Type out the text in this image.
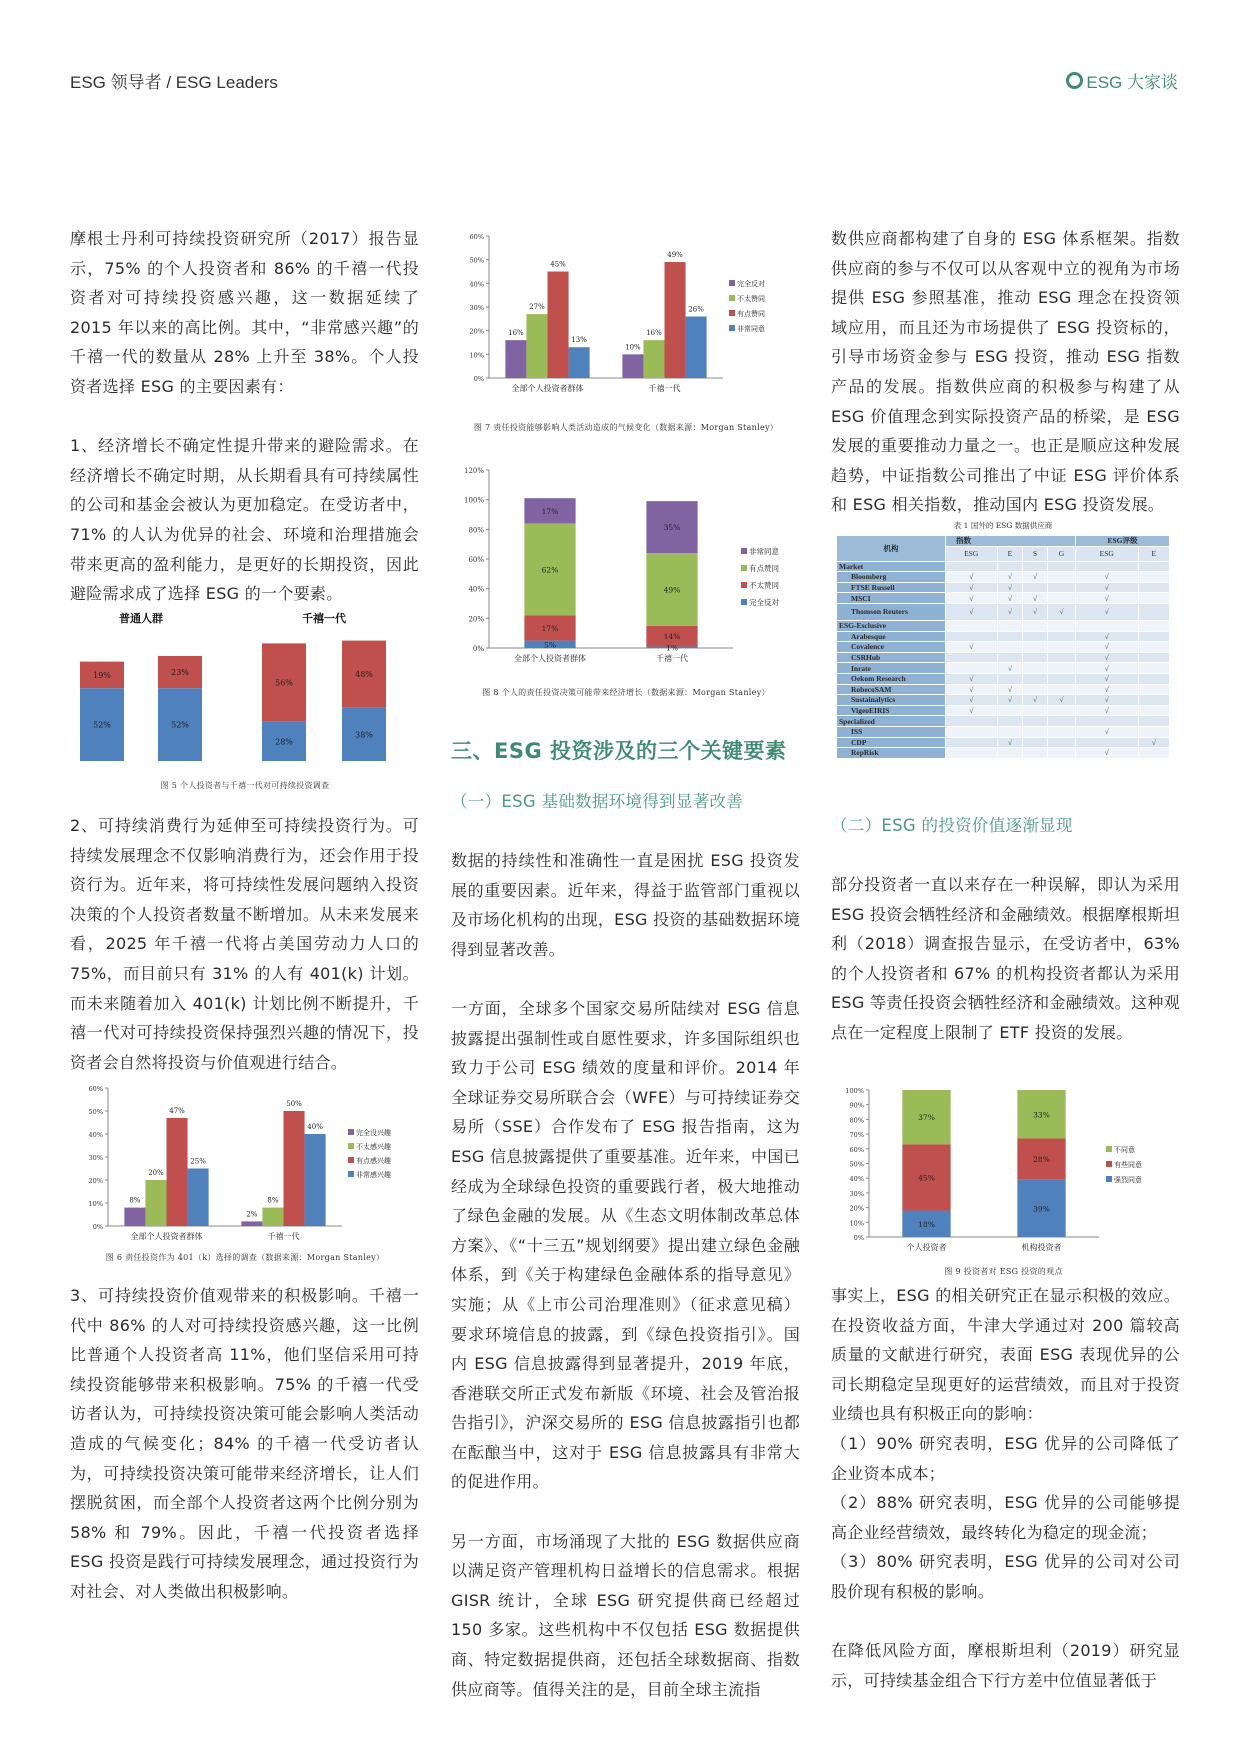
ESG 领导者 / ESG Leaders	ESG 大家谈

摩根士丹利可持续投资研究所（2017）报告显示，75% 的个人投资者和 86% 的千禧一代投资者对可持续投资感兴趣，这一数据延续了 2015 年以来的高比例。其中，“非常感兴趣”的千禧一代的数量从 28% 上升至 38%。个人投资者选择 ESG 的主要因素有：

1、经济增长不确定性提升带来的避险需求。在经济增长不确定时期，从长期看具有可持续属性的公司和基金会被认为更加稳定。在受访者中，71% 的人认为优异的社会、环境和治理措施会带来更高的盈利能力，是更好的长期投资，因此避险需求成了选择 ESG 的一个要素。

普通人群	千禧一代
52%
19%
52%
23%
28%
56%
38%
48%
图 5 个人投资者与千禧一代对可持续投资调查

2、可持续消费行为延伸至可持续投资行为。可持续发展理念不仅影响消费行为，还会作用于投资行为。近年来，将可持续性发展问题纳入投资决策的个人投资者数量不断增加。从未来发展来看，2025 年千禧一代将占美国劳动力人口的 75%，而目前只有 31% 的人有 401(k) 计划。而未来随着加入 401(k) 计划比例不断提升，千禧一代对可持续投资保持强烈兴趣的情况下，投资者会自然将投资与价值观进行结合。

0%
10%
20%
30%
40%
50%
60%
全部个人投资者群体	千禧一代
8%
20%
47%
25%
2%
8%
50%
40%
完全没兴趣
不太感兴趣
有点感兴趣
非常感兴趣
图 6 责任投资作为 401（k）选择的调查（数据来源：Morgan Stanley）

3、可持续投资价值观带来的积极影响。千禧一代中 86% 的人对可持续投资感兴趣，这一比例比普通个人投资者高 11%，他们坚信采用可持续投资能够带来积极影响。75% 的千禧一代受访者认为，可持续投资决策可能会影响人类活动造成的气候变化；84% 的千禧一代受访者认为，可持续投资决策可能带来经济增长，让人们摆脱贫困，而全部个人投资者这两个比例分别为 58% 和 79%。因此，千禧一代投资者选择 ESG 投资是践行可持续发展理念，通过投资行为对社会、对人类做出积极影响。

0%
10%
20%
30%
40%
50%
60%
全部个人投资者群体	千禧一代
16%
27%
45%
13%
10%
16%
49%
26%
完全反对
不太赞同
有点赞同
非常同意
图 7 责任投资能够影响人类活动造成的气候变化（数据来源：Morgan Stanley）
0%
20%
40%
60%
80%
100%
120%
全部个人投资者群体	千禧一代
5%
17%
62%
17%
1%
14%
49%
35%
非常同意
有点赞同
不太赞同
完全反对
图 8 个人的责任投资决策可能带来经济增长（数据来源：Morgan Stanley）
三、ESG 投资涉及的三个关键要素
（一）ESG 基础数据环境得到显著改善

数据的持续性和准确性一直是困扰 ESG 投资发展的重要因素。近年来，得益于监管部门重视以及市场化机构的出现，ESG 投资的基础数据环境得到显著改善。

一方面，全球多个国家交易所陆续对 ESG 信息披露提出强制性或自愿性要求，许多国际组织也致力于公司 ESG 绩效的度量和评价。2014 年全球证券交易所联合会（WFE）与可持续证券交易所（SSE）合作发布了 ESG 报告指南，这为 ESG 信息披露提供了重要基准。近年来，中国已经成为全球绿色投资的重要践行者，极大地推动了绿色金融的发展。从《生态文明体制改革总体方案》、《“十三五”规划纲要》提出建立绿色金融体系，到《关于构建绿色金融体系的指导意见》实施；从《上市公司治理准则》（征求意见稿）要求环境信息的披露，到《绿色投资指引》。国内 ESG 信息披露得到显著提升，2019 年底，香港联交所正式发布新版《环境、社会及管治报告指引》，沪深交易所的 ESG 信息披露指引也都在酝酿当中，这对于 ESG 信息披露具有非常大的促进作用。

另一方面，市场涌现了大批的 ESG 数据供应商以满足资产管理机构日益增长的信息需求。根据 GISR 统计，全球 ESG 研究提供商已经超过 150 多家。这些机构中不仅包括 ESG 数据提供商、特定数据提供商，还包括全球数据商、指数供应商等。值得关注的是，目前全球主流指

数供应商都构建了自身的 ESG 体系框架。指数供应商的参与不仅可以从客观中立的视角为市场提供 ESG 参照基准，推动 ESG 理念在投资领域应用，而且还为市场提供了 ESG 投资标的，引导市场资金参与 ESG 投资，推动 ESG 指数产品的发展。指数供应商的积极参与构建了从 ESG 价值理念到实际投资产品的桥梁，是 ESG 发展的重要推动力量之一。也正是顺应这种发展趋势，中证指数公司推出了中证 ESG 评价体系和 ESG 相关指数，推动国内 ESG 投资发展。

表 1 国外的 ESG 数据供应商
机构	指数				ESG评级	
	ESG	E	S	G	ESG	E
Market						
Bloomberg	√	√	√		√	
FTSE Russell	√	√			√	
MSCI	√	√	√		√	
Thomson Reuters	√	√	√	√	√	
ESG-Esclusive						
Arabesque					√	
Covalence	√				√	
CSRHub					√	
Inrate		√			√	
Oekom Research	√				√	
RobecoSAM	√	√			√	
Sustainalytics	√	√	√	√	√	
VigeoEIRIS	√				√	
Specialized						
ISS					√	
CDP		√				√
RepRisk					√	
（二）ESG 的投资价值逐渐显现

部分投资者一直以来存在一种误解，即认为采用 ESG 投资会牺牲经济和金融绩效。根据摩根斯坦利（2018）调查报告显示，在受访者中，63% 的个人投资者和 67% 的机构投资者都认为采用 ESG 等责任投资会牺牲经济和金融绩效。这种观点在一定程度上限制了 ETF 投资的发展。

0%
10%
20%
30%
40%
50%
60%
70%
80%
90%
100%
个人投资者	机构投资者
18%
45%
37%
39%
28%
33%
不同意
有些同意
强烈同意
图 9 投资者对 ESG 投资的观点

事实上，ESG 的相关研究正在显示积极的效应。在投资收益方面，牛津大学通过对 200 篇较高质量的文献进行研究，表面 ESG 表现优异的公司长期稳定呈现更好的运营绩效，而且对于投资业绩也具有积极正向的影响：

（1）90% 研究表明，ESG 优异的公司降低了企业资本成本；

（2）88% 研究表明，ESG 优异的公司能够提高企业经营绩效，最终转化为稳定的现金流；

（3）80% 研究表明，ESG 优异的公司对公司股价现有积极的影响。

在降低风险方面，摩根斯坦利（2019）研究显示，可持续基金组合下行方差中位值显著低于
